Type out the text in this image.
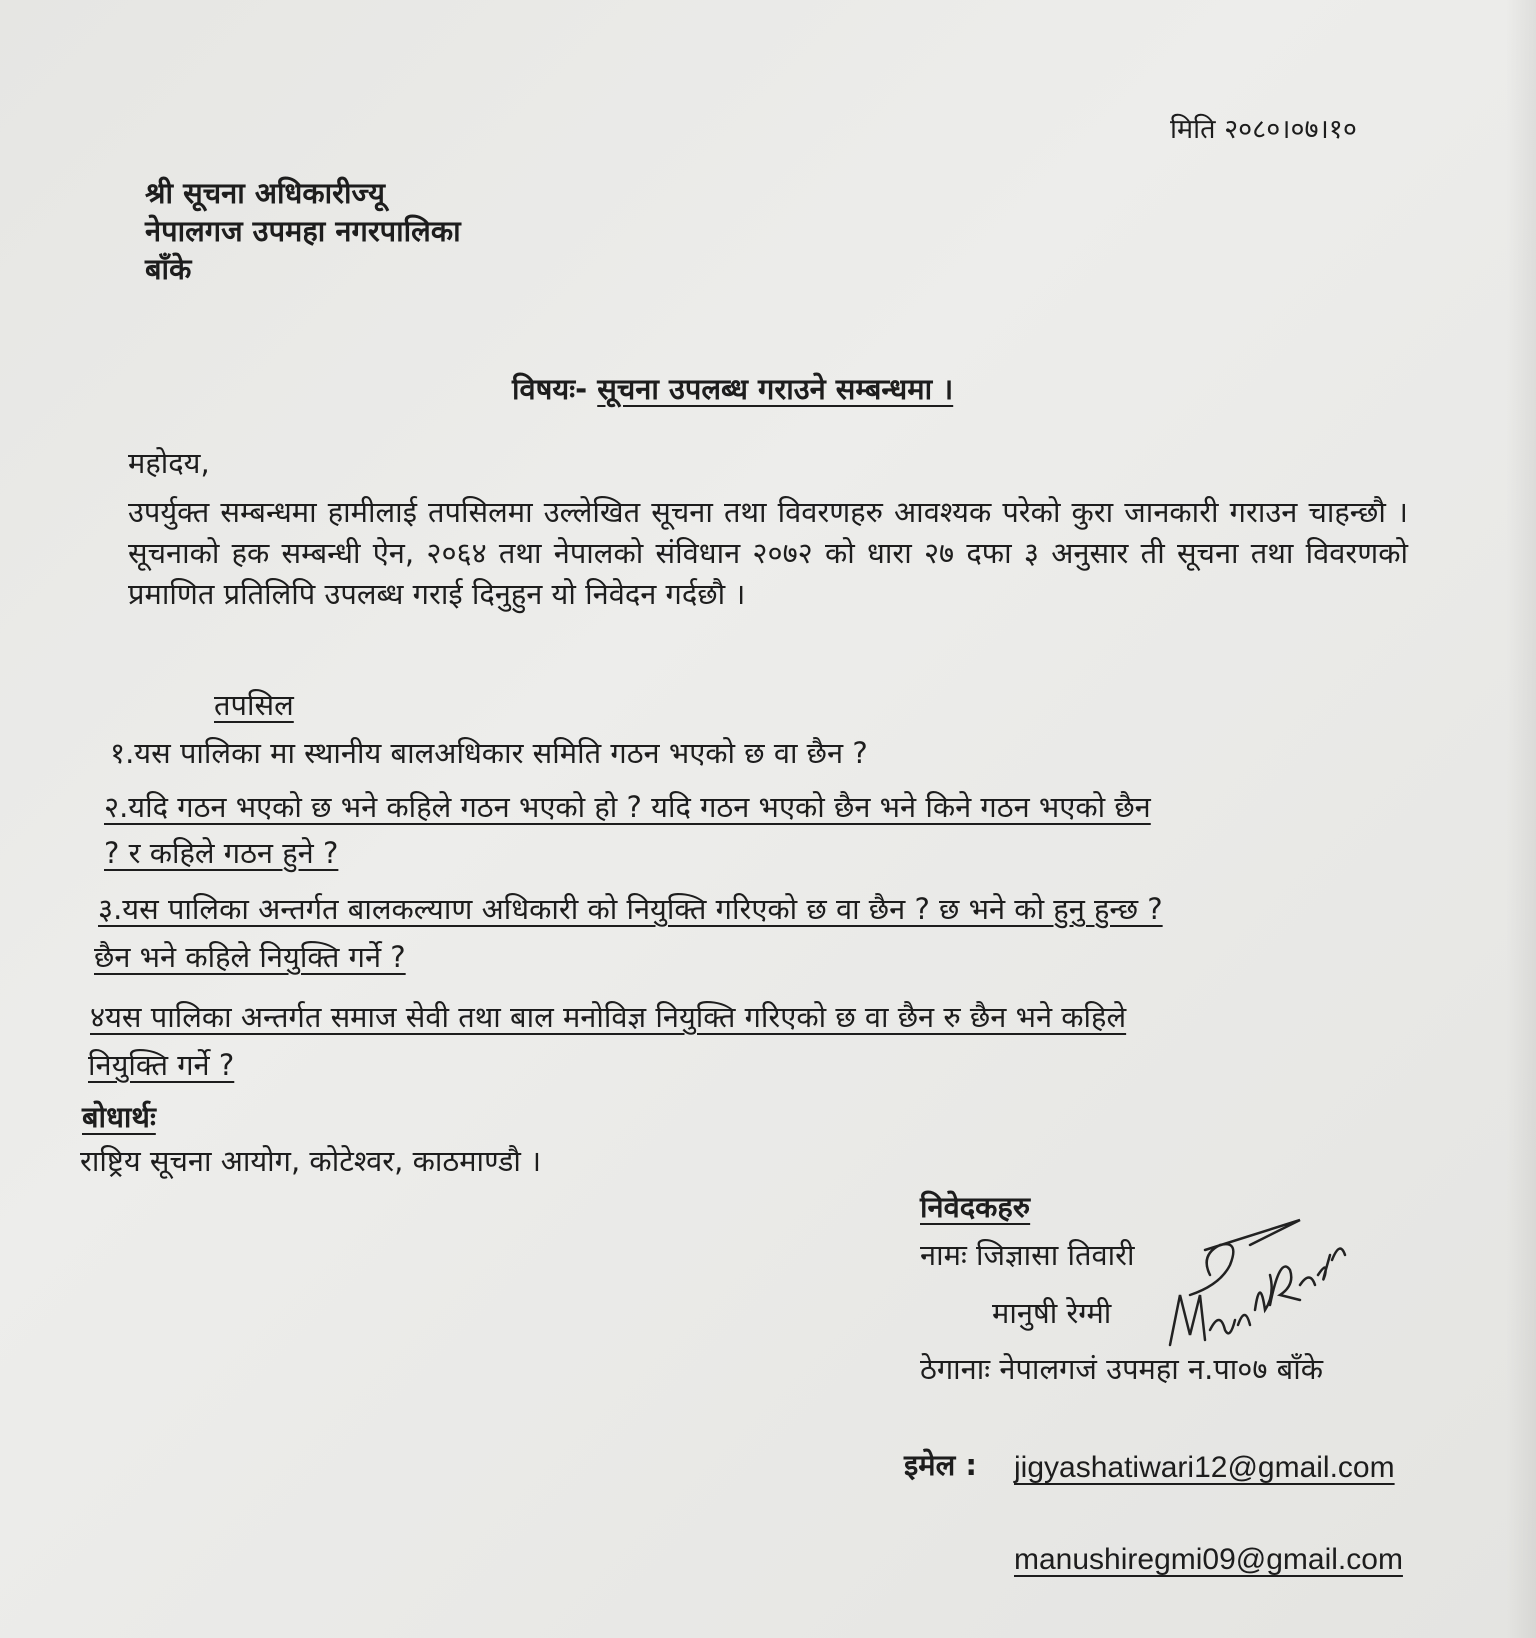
मिति २०८०।०७।१०
श्री सूचना अधिकारीज्यू
नेपालगज उपमहा नगरपालिका
बाँके
विषयः- सूचना उपलब्ध गराउने सम्बन्धमा ।
महोदय,
उपर्युक्त सम्बन्धमा हामीलाई तपसिलमा उल्लेखित सूचना तथा विवरणहरु आवश्यक परेको कुरा जानकारी गराउन चाहन्छौ । सूचनाको हक सम्बन्धी ऐन, २०६४ तथा नेपालको संविधान २०७२ को धारा २७ दफा ३ अनुसार ती सूचना तथा विवरणको प्रमाणित प्रतिलिपि उपलब्ध गराई दिनुहुन यो निवेदन गर्दछौ ।
तपसिल
१.यस पालिका मा स्थानीय बालअधिकार समिति गठन भएको छ वा छैन ?
२.यदि गठन भएको छ भने कहिले गठन भएको हो ? यदि गठन भएको छैन भने किने गठन भएको छैन
? र कहिले गठन हुने ?
३.यस पालिका अन्तर्गत बालकल्याण अधिकारी को नियुक्ति गरिएको छ वा छैन ? छ भने को हुनु हुन्छ ?
छैन भने कहिले नियुक्ति गर्ने ?
४यस पालिका अन्तर्गत समाज सेवी तथा बाल मनोविज्ञ नियुक्ति गरिएको छ वा छैन रु छैन भने कहिले
नियुक्ति गर्ने ?
बोधार्थः
राष्ट्रिय सूचना आयोग, कोटेश्वर, काठमाण्डौ ।
निवेदकहरु
नामः जिज्ञासा तिवारी
मानुषी रेग्मी
ठेगानाः नेपालगजं उपमहा न.पा०७ बाँके
इमेल : jigyashatiwari12@gmail.com
manushiregmi09@gmail.com
